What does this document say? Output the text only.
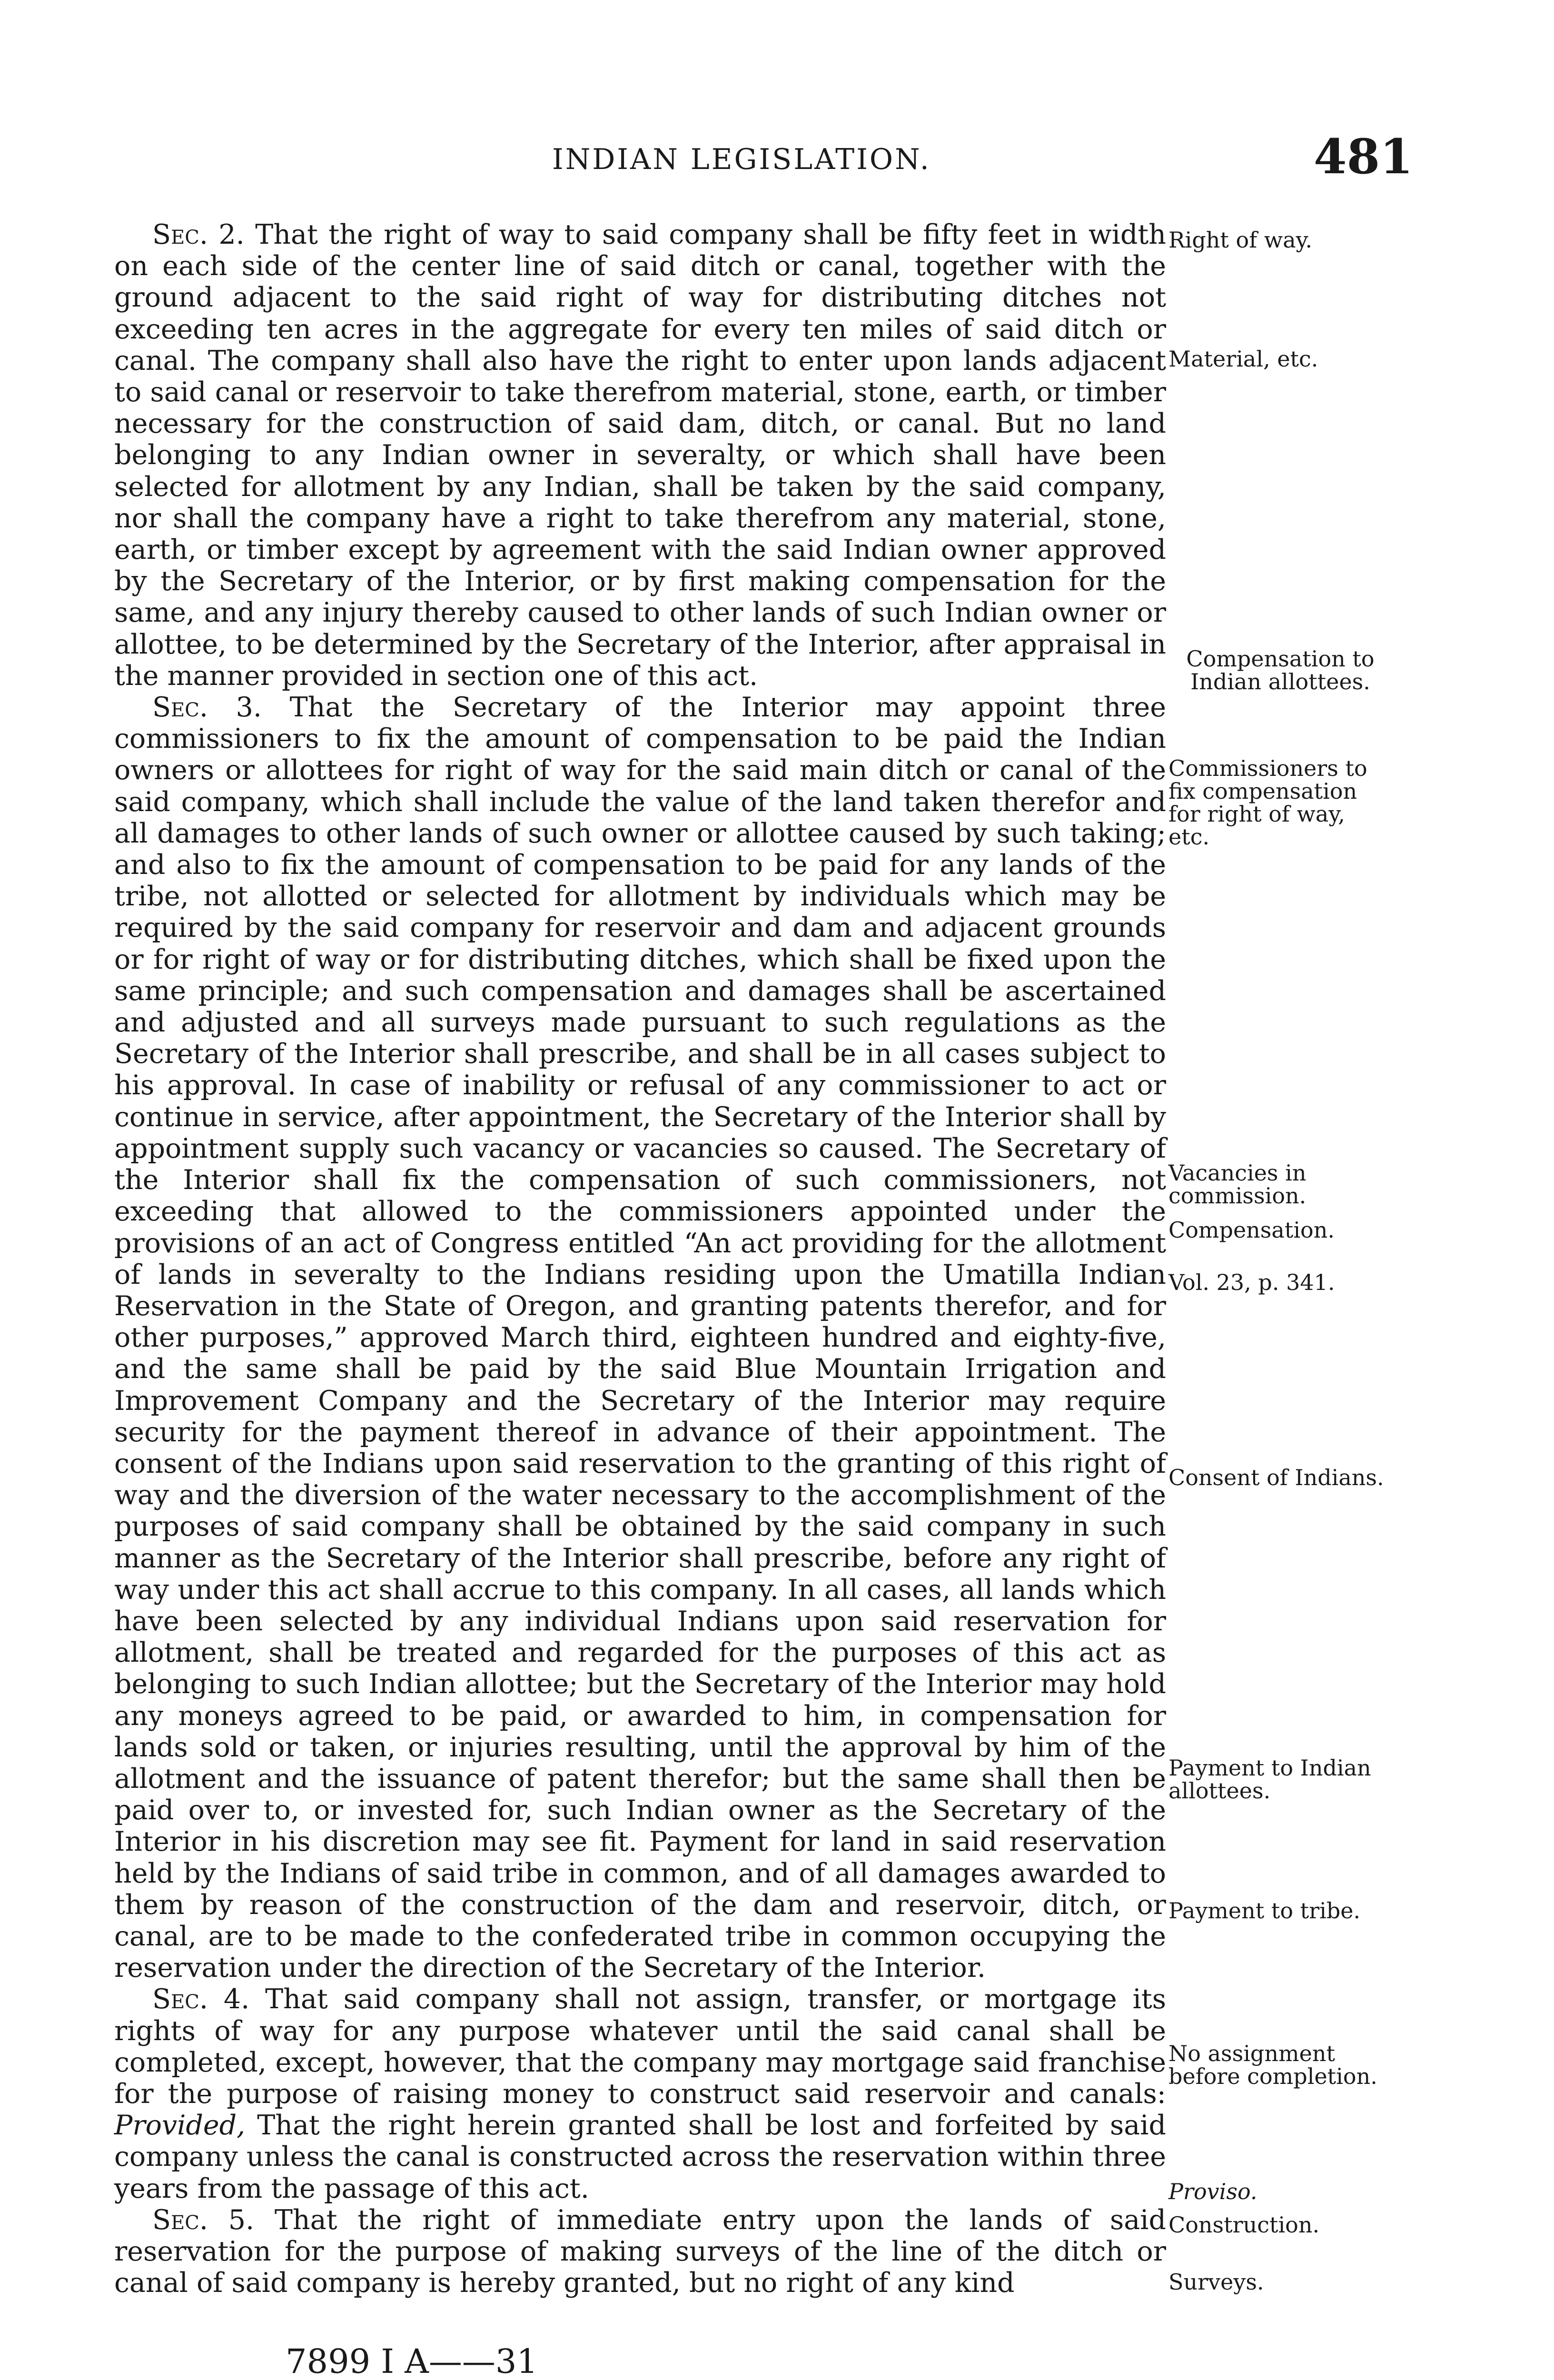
INDIAN LEGISLATION.	481

Sec. 2. That the right of way to said company shall be fifty feet in width on each side of the center line of said ditch or canal, together with the ground adjacent to the said right of way for distributing ditches not exceeding ten acres in the aggregate for every ten miles of said ditch or canal. The company shall also have the right to enter upon lands adjacent to said canal or reservoir to take therefrom material, stone, earth, or timber necessary for the construction of said dam, ditch, or canal. But no land belonging to any Indian owner in severalty, or which shall have been selected for allotment by any Indian, shall be taken by the said company, nor shall the company have a right to take therefrom any material, stone, earth, or timber except by agreement with the said Indian owner approved by the Secretary of the Interior, or by first making compensation for the same, and any injury thereby caused to other lands of such Indian owner or allottee, to be determined by the Secretary of the Interior, after appraisal in the manner provided in section one of this act.

Sec. 3. That the Secretary of the Interior may appoint three commissioners to fix the amount of compensation to be paid the Indian owners or allottees for right of way for the said main ditch or canal of the said company, which shall include the value of the land taken therefor and all damages to other lands of such owner or allottee caused by such taking; and also to fix the amount of compensation to be paid for any lands of the tribe, not allotted or selected for allotment by individuals which may be required by the said company for reservoir and dam and adjacent grounds or for right of way or for distributing ditches, which shall be fixed upon the same principle; and such compensation and damages shall be ascertained and adjusted and all surveys made pursuant to such regulations as the Secretary of the Interior shall prescribe, and shall be in all cases subject to his approval. In case of inability or refusal of any commissioner to act or continue in service, after appointment, the Secretary of the Interior shall by appointment supply such vacancy or vacancies so caused. The Secretary of the Interior shall fix the compensation of such commissioners, not exceeding that allowed to the commissioners appointed under the provisions of an act of Congress entitled “An act providing for the allotment of lands in severalty to the Indians residing upon the Umatilla Indian Reservation in the State of Oregon, and granting patents therefor, and for other purposes,” approved March third, eighteen hundred and eighty-five, and the same shall be paid by the said Blue Mountain Irrigation and Improvement Company and the Secretary of the Interior may require security for the payment thereof in advance of their appointment. The consent of the Indians upon said reservation to the granting of this right of way and the diversion of the water necessary to the accomplishment of the purposes of said company shall be obtained by the said company in such manner as the Secretary of the Interior shall prescribe, before any right of way under this act shall accrue to this company. In all cases, all lands which have been selected by any individual Indians upon said reservation for allotment, shall be treated and regarded for the purposes of this act as belonging to such Indian allottee; but the Secretary of the Interior may hold any moneys agreed to be paid, or awarded to him, in compensation for lands sold or taken, or injuries resulting, until the approval by him of the allotment and the issuance of patent therefor; but the same shall then be paid over to, or invested for, such Indian owner as the Secretary of the Interior in his discretion may see fit. Payment for land in said reservation held by the Indians of said tribe in common, and of all damages awarded to them by reason of the construction of the dam and reservoir, ditch, or canal, are to be made to the confederated tribe in common occupying the reservation under the direction of the Secretary of the Interior.

Sec. 4. That said company shall not assign, transfer, or mortgage its rights of way for any purpose whatever until the said canal shall be completed, except, however, that the company may mortgage said franchise for the purpose of raising money to construct said reservoir and canals: Provided, That the right herein granted shall be lost and forfeited by said company unless the canal is constructed across the reservation within three years from the passage of this act.

Sec. 5. That the right of immediate entry upon the lands of said reservation for the purpose of making surveys of the line of the ditch or canal of said company is hereby granted, but no right of any kind

Right of way.
Material, etc.
Compensation to Indian allottees.
Commissioners to fix compensation for right of way, etc.
Vacancies in commission.
Compensation.
Vol. 23, p. 341.
Consent of Indians.
Payment to Indian allottees.
Payment to tribe.
No assignment before completion.
Proviso.
Construction.
Surveys.
7899 I A——31
